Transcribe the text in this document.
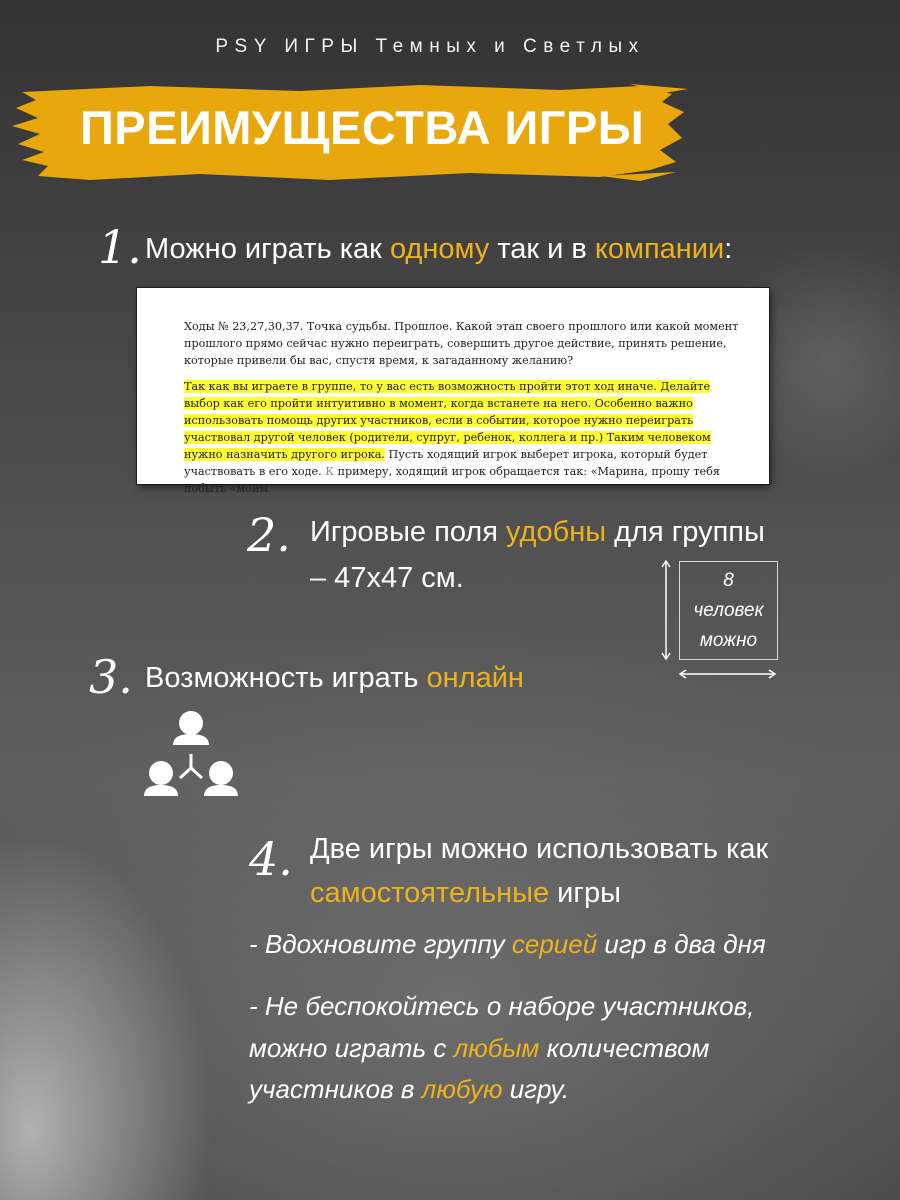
PSY ИГРЫ Темных и Светлых
ПРЕИМУЩЕСТВА ИГРЫ
1. Можно играть как одному так и в компании:

Ходы № 23,27,30,37. Точка судьбы. Прошлое. Какой этап своего прошлого или какой момент прошлого прямо сейчас нужно переиграть, совершить другое действие, принять решение, которые привели бы вас, спустя время, к загаданному желанию?

Так как вы играете в группе, то у вас есть возможность пройти этот ход иначе. Делайте выбор как его пройти интуитивно в момент, когда встанете на него. Особенно важно использовать помощь других участников, если в событии, которое нужно переиграть участвовал другой человек (родители, супруг, ребенок, коллега и пр.) Таким человеком нужно назначить другого игрока. Пусть ходящий игрок выберет игрока, который будет участвовать в его ходе. К примеру, ходящий игрок обращается так: «Марина, прошу тебя побыть «моим

2. Игровые поля удобны для группы
– 47х47 см.	8
человек
можно
3. Возможность играть онлайн
4. Две игры можно использовать как
самостоятельные игры
- Вдохновите группу серией игр в два дня
- Не беспокойтесь о наборе участников,
можно играть с любым количеством
участников в любую игру.
